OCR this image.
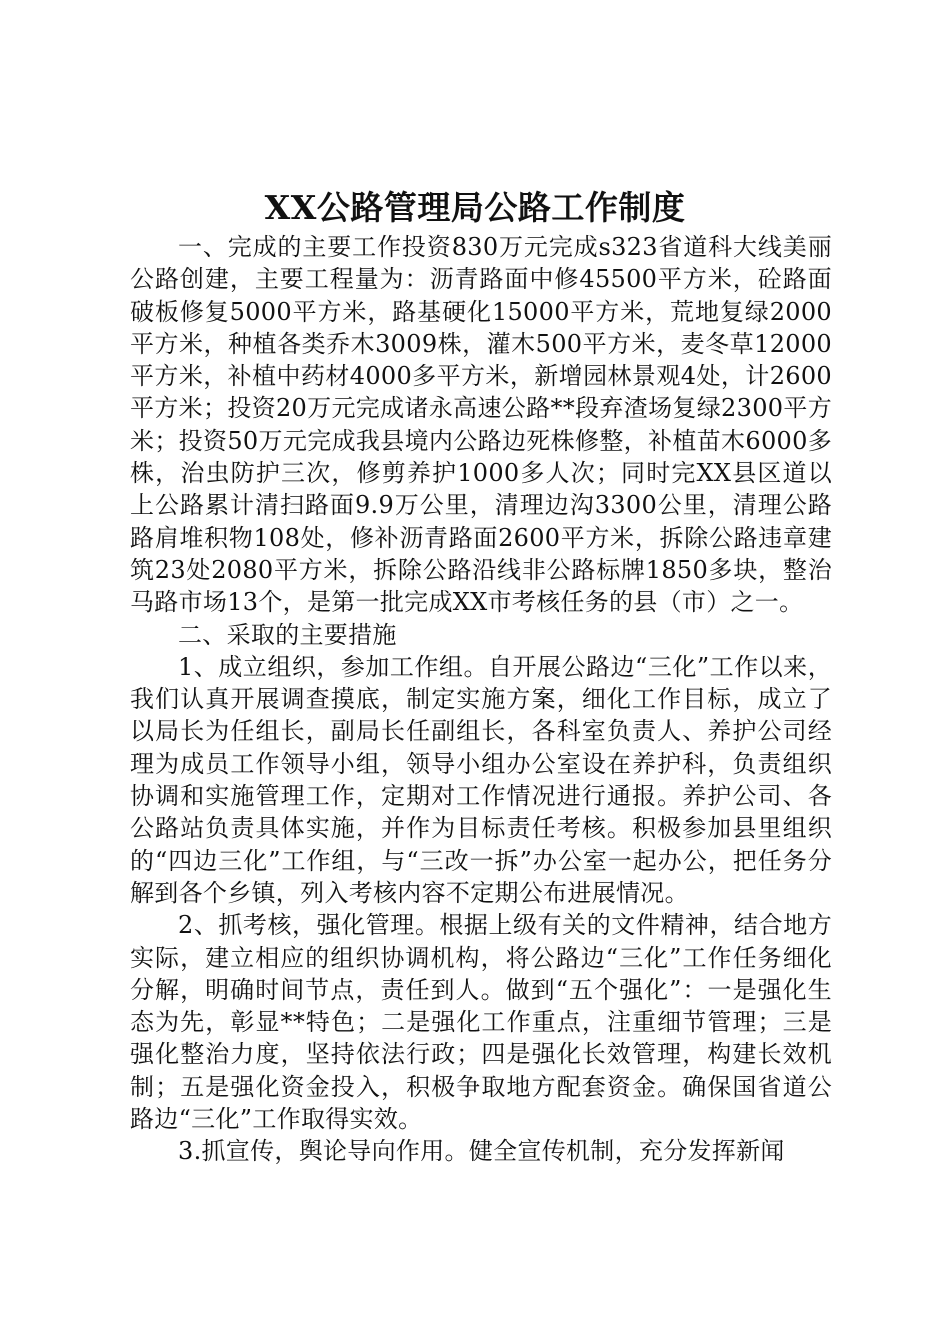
XX公路管理局公路工作制度

一、完成的主要工作投资830万元完成s323省道科大线美丽公路创建，主要工程量为：沥青路面中修45500平方米，砼路面破板修复5000平方米，路基硬化15000平方米，荒地复绿2000平方米，种植各类乔木3009株，灌木500平方米，麦冬草12000平方米，补植中药材4000多平方米，新增园林景观4处，计2600平方米；投资20万元完成诸永高速公路**段弃渣场复绿2300平方米；投资50万元完成我县境内公路边死株修整，补植苗木6000多株，治虫防护三次，修剪养护1000多人次；同时完XX县区道以上公路累计清扫路面9.9万公里，清理边沟3300公里，清理公路路肩堆积物108处，修补沥青路面2600平方米，拆除公路违章建筑23处2080平方米，拆除公路沿线非公路标牌1850多块，整治马路市场13个，是第一批完成XX市考核任务的县（市）之一。

二、采取的主要措施

1、成立组织，参加工作组。自开展公路边“三化”工作以来，我们认真开展调查摸底，制定实施方案，细化工作目标，成立了以局长为任组长，副局长任副组长，各科室负责人、养护公司经理为成员工作领导小组，领导小组办公室设在养护科，负责组织协调和实施管理工作，定期对工作情况进行通报。养护公司、各公路站负责具体实施，并作为目标责任考核。积极参加县里组织的“四边三化”工作组，与“三改一拆”办公室一起办公，把任务分解到各个乡镇，列入考核内容不定期公布进展情况。

2、抓考核，强化管理。根据上级有关的文件精神，结合地方实际，建立相应的组织协调机构，将公路边“三化”工作任务细化分解，明确时间节点，责任到人。做到“五个强化”：一是强化生态为先，彰显**特色；二是强化工作重点，注重细节管理；三是强化整治力度，坚持依法行政；四是强化长效管理，构建长效机制；五是强化资金投入，积极争取地方配套资金。确保国省道公路边“三化”工作取得实效。

3.抓宣传，舆论导向作用。健全宣传机制，充分发挥新闻
